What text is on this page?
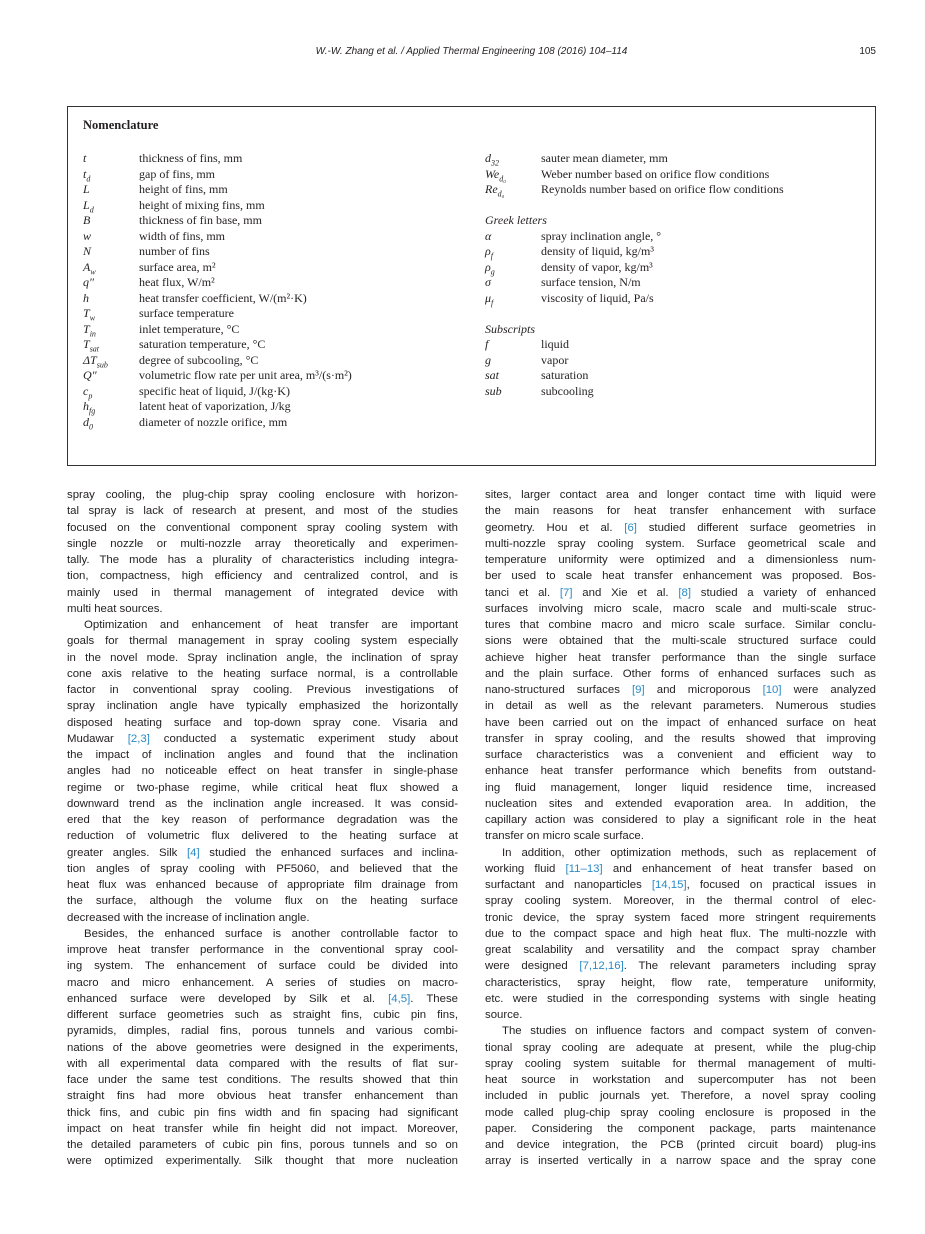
W.-W. Zhang et al. / Applied Thermal Engineering 108 (2016) 104–114	105
Nomenclature
t	thickness of fins, mm
$t_d$	gap of fins, mm
L	height of fins, mm
$L_d$	height of mixing fins, mm
B	thickness of fin base, mm
w	width of fins, mm
N	number of fins
$A_w$	surface area, m²
q″	heat flux, W/m²
h	heat transfer coefficient, W/(m²·K)
$T_w$	surface temperature
$T_{in}$	inlet temperature, °C
$T_{sat}$	saturation temperature, °C
$\Delta T_{sub}$	degree of subcooling, °C
Q″	volumetric flow rate per unit area, m³/(s·m²)
$c_p$	specific heat of liquid, J/(kg·K)
$h_{fg}$	latent heat of vaporization, J/kg
$d_0$	diameter of nozzle orifice, mm
$d_{32}$	sauter mean diameter, mm
$We_{d_0}$	Weber number based on orifice flow conditions
$Re_{d_0}$	Reynolds number based on orifice flow conditions
Greek letters
α	spray inclination angle, °
$\rho_f$	density of liquid, kg/m³
$\rho_g$	density of vapor, kg/m³
σ	surface tension, N/m
$\mu_f$	viscosity of liquid, Pa/s
Subscripts
f	liquid
g	vapor
sat	saturation
sub	subcooling
spray cooling, the plug-chip spray cooling enclosure with horizon-
tal spray is lack of research at present, and most of the studies
focused on the conventional component spray cooling system with
single nozzle or multi-nozzle array theoretically and experimen-
tally. The mode has a plurality of characteristics including integra-
tion, compactness, high efficiency and centralized control, and is
mainly used in thermal management of integrated device with
multi heat sources.
Optimization and enhancement of heat transfer are important
goals for thermal management in spray cooling system especially
in the novel mode. Spray inclination angle, the inclination of spray
cone axis relative to the heating surface normal, is a controllable
factor in conventional spray cooling. Previous investigations of
spray inclination angle have typically emphasized the horizontally
disposed heating surface and top-down spray cone. Visaria and
Mudawar [2,3] conducted a systematic experiment study about
the impact of inclination angles and found that the inclination
angles had no noticeable effect on heat transfer in single-phase
regime or two-phase regime, while critical heat flux showed a
downward trend as the inclination angle increased. It was consid-
ered that the key reason of performance degradation was the
reduction of volumetric flux delivered to the heating surface at
greater angles. Silk [4] studied the enhanced surfaces and inclina-
tion angles of spray cooling with PF5060, and believed that the
heat flux was enhanced because of appropriate film drainage from
the surface, although the volume flux on the heating surface
decreased with the increase of inclination angle.
Besides, the enhanced surface is another controllable factor to
improve heat transfer performance in the conventional spray cool-
ing system. The enhancement of surface could be divided into
macro and micro enhancement. A series of studies on macro-
enhanced surface were developed by Silk et al. [4,5]. These
different surface geometries such as straight fins, cubic pin fins,
pyramids, dimples, radial fins, porous tunnels and various combi-
nations of the above geometries were designed in the experiments,
with all experimental data compared with the results of flat sur-
face under the same test conditions. The results showed that thin
straight fins had more obvious heat transfer enhancement than
thick fins, and cubic pin fins width and fin spacing had significant
impact on heat transfer while fin height did not impact. Moreover,
the detailed parameters of cubic pin fins, porous tunnels and so on
were optimized experimentally. Silk thought that more nucleation
sites, larger contact area and longer contact time with liquid were
the main reasons for heat transfer enhancement with surface
geometry. Hou et al. [6] studied different surface geometries in
multi-nozzle spray cooling system. Surface geometrical scale and
temperature uniformity were optimized and a dimensionless num-
ber used to scale heat transfer enhancement was proposed. Bos-
tanci et al. [7] and Xie et al. [8] studied a variety of enhanced
surfaces involving micro scale, macro scale and multi-scale struc-
tures that combine macro and micro scale surface. Similar conclu-
sions were obtained that the multi-scale structured surface could
achieve higher heat transfer performance than the single surface
and the plain surface. Other forms of enhanced surfaces such as
nano-structured surfaces [9] and microporous [10] were analyzed
in detail as well as the relevant parameters. Numerous studies
have been carried out on the impact of enhanced surface on heat
transfer in spray cooling, and the results showed that improving
surface characteristics was a convenient and efficient way to
enhance heat transfer performance which benefits from outstand-
ing fluid management, longer liquid residence time, increased
nucleation sites and extended evaporation area. In addition, the
capillary action was considered to play a significant role in the heat
transfer on micro scale surface.
In addition, other optimization methods, such as replacement of
working fluid [11–13] and enhancement of heat transfer based on
surfactant and nanoparticles [14,15], focused on practical issues in
spray cooling system. Moreover, in the thermal control of elec-
tronic device, the spray system faced more stringent requirements
due to the compact space and high heat flux. The multi-nozzle with
great scalability and versatility and the compact spray chamber
were designed [7,12,16]. The relevant parameters including spray
characteristics, spray height, flow rate, temperature uniformity,
etc. were studied in the corresponding systems with single heating
source.
The studies on influence factors and compact system of conven-
tional spray cooling are adequate at present, while the plug-chip
spray cooling system suitable for thermal management of multi-
heat source in workstation and supercomputer has not been
included in public journals yet. Therefore, a novel spray cooling
mode called plug-chip spray cooling enclosure is proposed in the
paper. Considering the component package, parts maintenance
and device integration, the PCB (printed circuit board) plug-ins
array is inserted vertically in a narrow space and the spray cone
